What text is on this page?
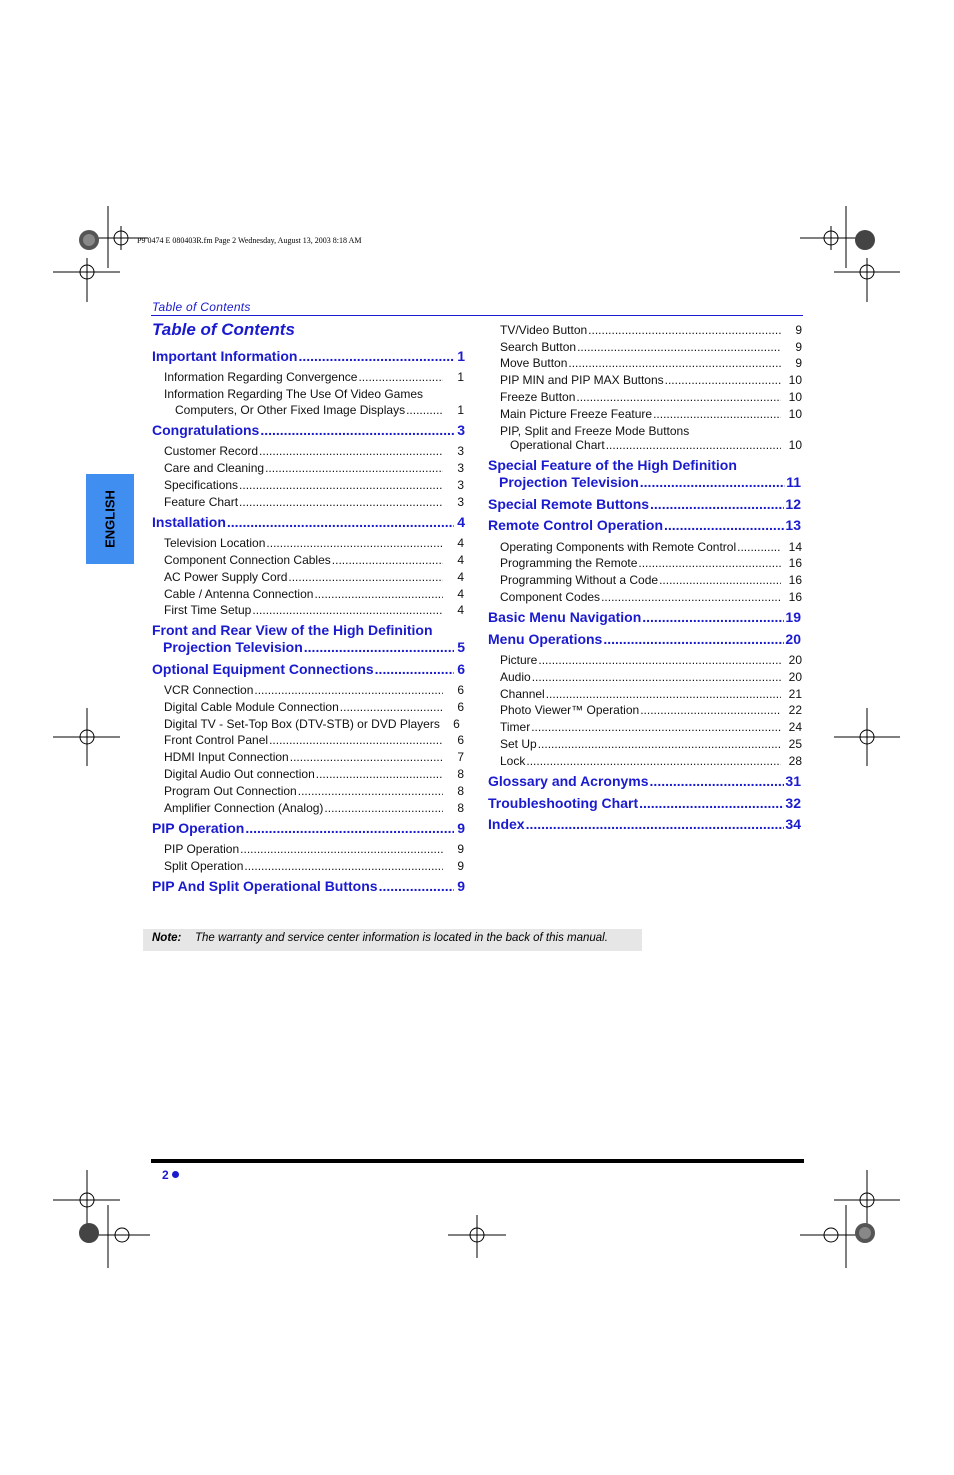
P9 0474 E 080403R.fm Page 2 Wednesday, August 13, 2003 8:18 AM
Table of Contents
Table of Contents
ENGLISH
Important Information .....	1
Information Regarding Convergence .....	1
Information Regarding The Use Of Video Games
Computers, Or Other Fixed Image Displays .....	1
Congratulations .....	3
Customer Record .....	3
Care and Cleaning .....	3
Specifications .....	3
Feature Chart .....	3
Installation .....	4
Television Location .....	4
Component Connection Cables .....	4
AC Power Supply Cord .....	4
Cable / Antenna Connection .....	4
First Time Setup .....	4
Front and Rear View of the High Definition
Projection Television .....	5
Optional Equipment Connections .....	6
VCR Connection .....	6
Digital Cable Module Connection .....	6
Digital TV - Set-Top Box (DTV-STB) or DVD Players	6
Front Control Panel .....	6
HDMI Input Connection .....	7
Digital Audio Out connection .....	8
Program Out Connection .....	8
Amplifier Connection (Analog) .....	8
PIP Operation .....	9
PIP Operation .....	9
Split Operation .....	9
PIP And Split Operational Buttons .....	9
TV/Video Button .....	9
Search Button .....	9
Move Button .....	9
PIP MIN and PIP MAX Buttons .....	10
Freeze Button .....	10
Main Picture Freeze Feature .....	10
PIP, Split and Freeze Mode Buttons
Operational Chart .....	10
Special Feature of the High Definition
Projection Television .....	11
Special Remote Buttons .....	12
Remote Control Operation .....	13
Operating Components with Remote Control .....	14
Programming the Remote .....	16
Programming Without a Code .....	16
Component Codes .....	16
Basic Menu Navigation .....	19
Menu Operations .....	20
Picture .....	20
Audio .....	20
Channel .....	21
Photo Viewer™ Operation .....	22
Timer .....	24
Set Up .....	25
Lock .....	28
Glossary and Acronyms .....	31
Troubleshooting Chart .....	32
Index .....	34
Note: The warranty and service center information is located in the back of this manual.
2
